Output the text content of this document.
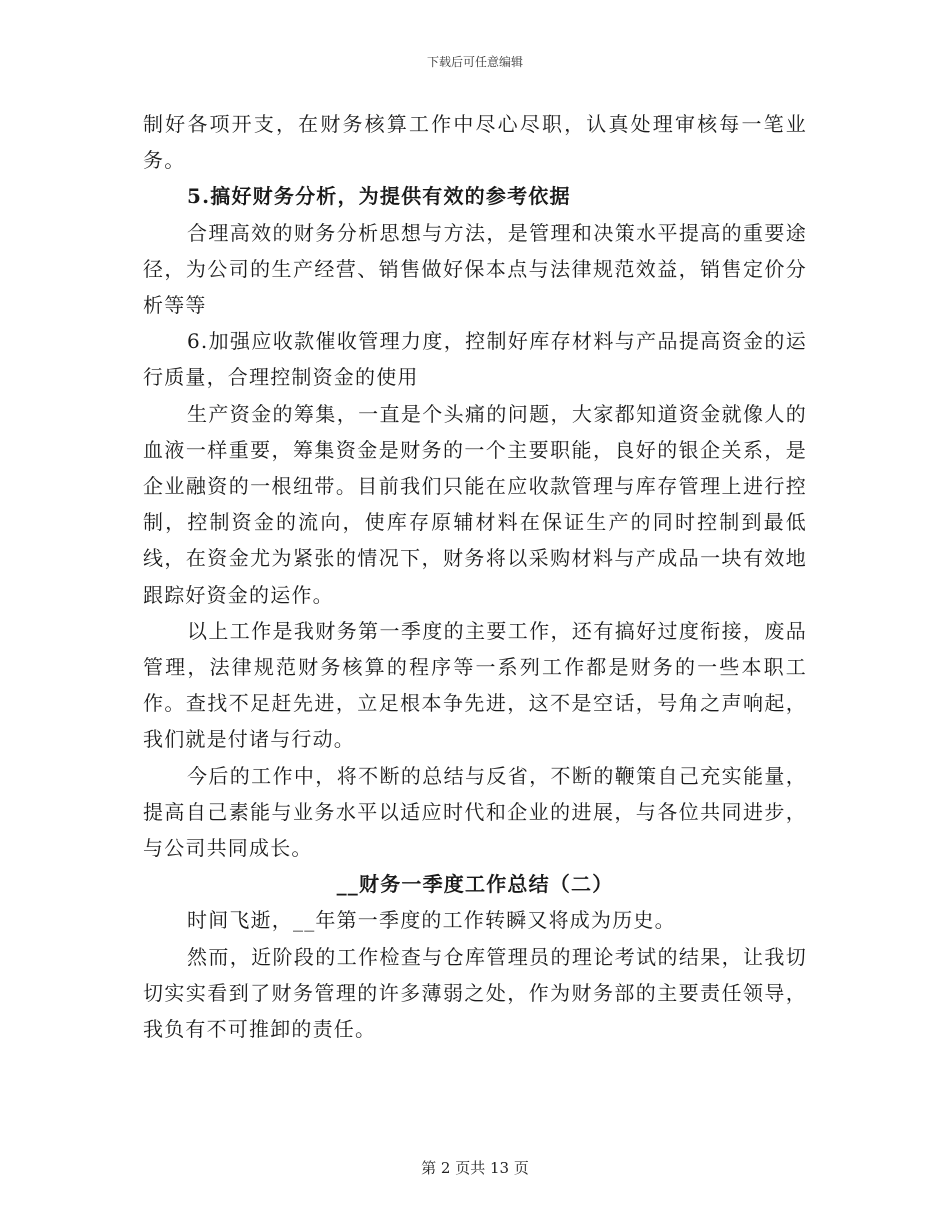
下载后可任意编辑

制好各项开支，在财务核算工作中尽心尽职，认真处理审核每一笔业务。

5.搞好财务分析，为提供有效的参考依据

合理高效的财务分析思想与方法，是管理和决策水平提高的重要途径，为公司的生产经营、销售做好保本点与法律规范效益，销售定价分析等等

6.加强应收款催收管理力度，控制好库存材料与产品提高资金的运行质量，合理控制资金的使用

生产资金的筹集，一直是个头痛的问题，大家都知道资金就像人的血液一样重要，筹集资金是财务的一个主要职能，良好的银企关系，是企业融资的一根纽带。目前我们只能在应收款管理与库存管理上进行控制，控制资金的流向，使库存原辅材料在保证生产的同时控制到最低线，在资金尤为紧张的情况下，财务将以采购材料与产成品一块有效地跟踪好资金的运作。

以上工作是我财务第一季度的主要工作，还有搞好过度衔接，废品管理，法律规范财务核算的程序等一系列工作都是财务的一些本职工作。查找不足赶先进，立足根本争先进，这不是空话，号角之声响起，我们就是付诸与行动。

今后的工作中，将不断的总结与反省，不断的鞭策自己充实能量，提高自己素能与业务水平以适应时代和企业的进展，与各位共同进步，与公司共同成长。

__财务一季度工作总结（二）

时间飞逝，__年第一季度的工作转瞬又将成为历史。

然而，近阶段的工作检查与仓库管理员的理论考试的结果，让我切切实实看到了财务管理的许多薄弱之处，作为财务部的主要责任领导，我负有不可推卸的责任。

第 2 页共 13 页
